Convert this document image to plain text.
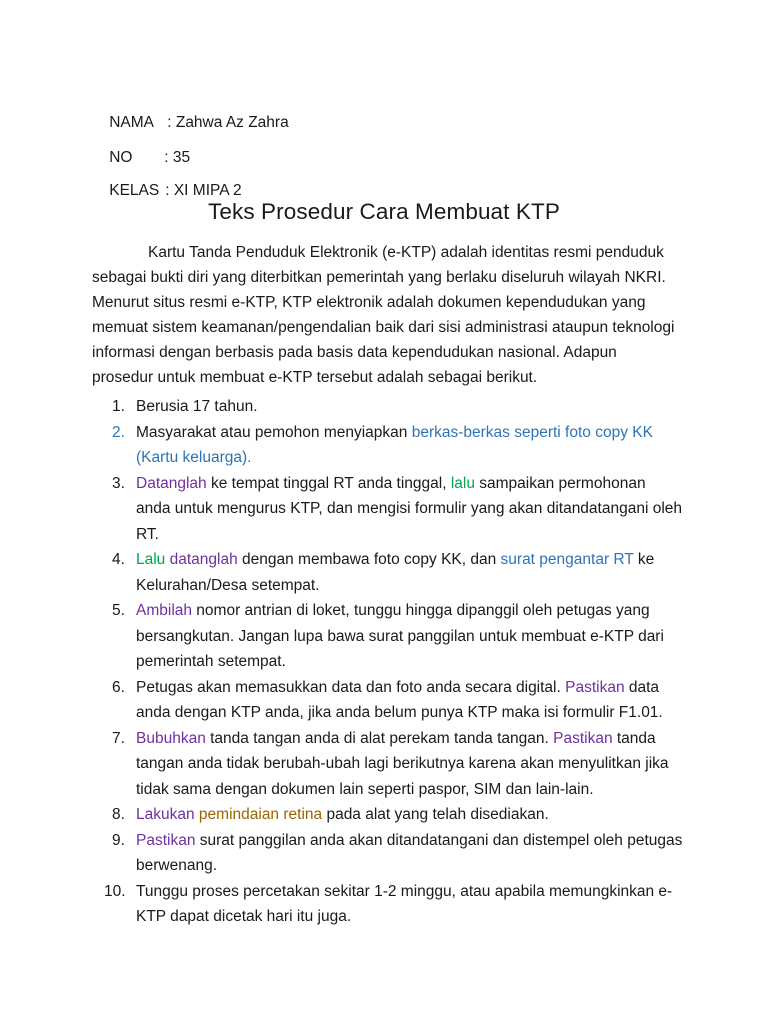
NAMA : Zahwa Az Zahra

NO : 35

KELAS : XI MIPA 2

Teks Prosedur Cara Membuat KTP
Kartu Tanda Penduduk Elektronik (e-KTP) adalah identitas resmi penduduk sebagai bukti diri yang diterbitkan pemerintah yang berlaku diseluruh wilayah NKRI. Menurut situs resmi e-KTP, KTP elektronik adalah dokumen kependudukan yang memuat sistem keamanan/pengendalian baik dari sisi administrasi ataupun teknologi informasi dengan berbasis pada basis data kependudukan nasional. Adapun prosedur untuk membuat e-KTP tersebut adalah sebagai berikut.
1. Berusia 17 tahun.
2. Masyarakat atau pemohon menyiapkan berkas-berkas seperti foto copy KK (Kartu keluarga).
3. Datanglah ke tempat tinggal RT anda tinggal, lalu sampaikan permohonan anda untuk mengurus KTP, dan mengisi formulir yang akan ditandatangani oleh RT.
4. Lalu datanglah dengan membawa foto copy KK, dan surat pengantar RT ke Kelurahan/Desa setempat.
5. Ambilah nomor antrian di loket, tunggu hingga dipanggil oleh petugas yang bersangkutan. Jangan lupa bawa surat panggilan untuk membuat e-KTP dari pemerintah setempat.
6. Petugas akan memasukkan data dan foto anda secara digital. Pastikan data anda dengan KTP anda, jika anda belum punya KTP maka isi formulir F1.01.
7. Bubuhkan tanda tangan anda di alat perekam tanda tangan. Pastikan tanda tangan anda tidak berubah-ubah lagi berikutnya karena akan menyulitkan jika tidak sama dengan dokumen lain seperti paspor, SIM dan lain-lain.
8. Lakukan pemindaian retina pada alat yang telah disediakan.
9. Pastikan surat panggilan anda akan ditandatangani dan distempel oleh petugas berwenang.
10. Tunggu proses percetakan sekitar 1-2 minggu, atau apabila memungkinkan e-KTP dapat dicetak hari itu juga.
